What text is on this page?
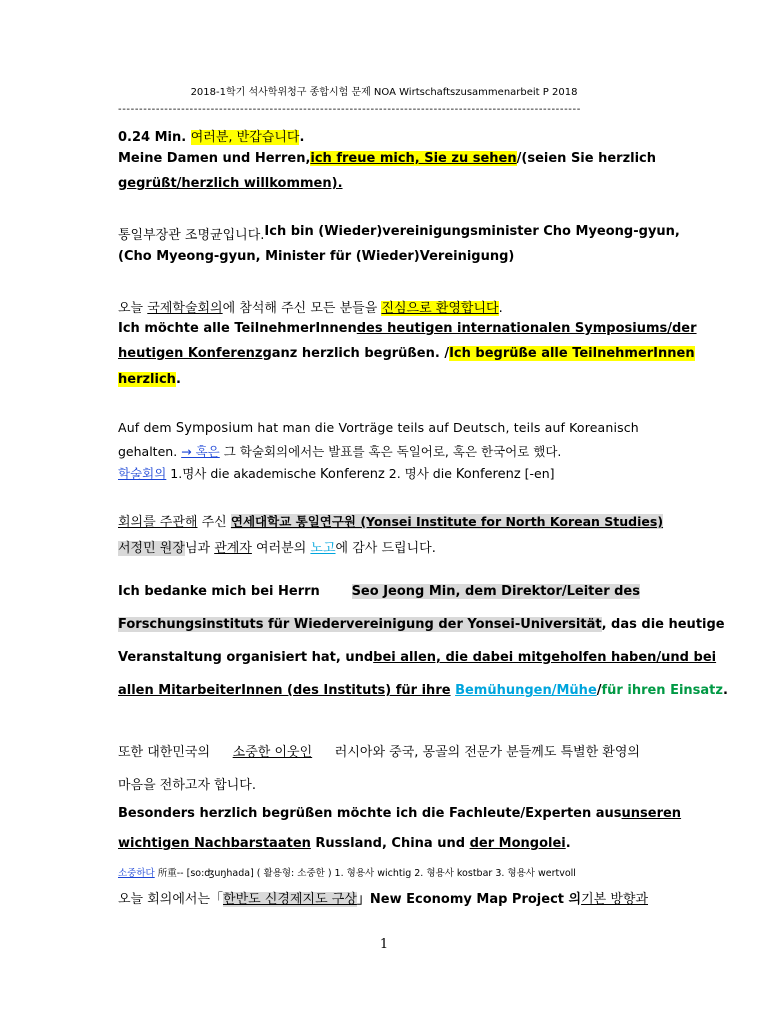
2018-1학기 석사학위청구 종합시험 문제 NOA Wirtschaftszusammenarbeit P 2018
--------------------------------------------------------------------------------------------------------------
0.24 Min. 여러분, 반갑습니다.
Meine Damen und Herren, ich freue mich, Sie zu sehen /(seien Sie herzlich
gegrüßt/herzlich willkommen).
통일부장관 조명균입니다. Ich bin (Wieder)vereinigungsminister Cho Myeong-gyun,
(Cho Myeong-gyun, Minister für (Wieder)Vereinigung)
오늘 국제학술회의에 참석해 주신 모든 분들을 진심으로 환영합니다.
Ich möchte alle TeilnehmerInnen des heutigen internationalen Symposiums/der
heutigen Konferenz ganz herzlich begrüßen. / Ich begrüße alle TeilnehmerInnen
herzlich.
Auf dem Symposium hat man die Vorträge teils auf Deutsch, teils auf Koreanisch
gehalten. → 혹은 그 학술회의에서는 발표를 혹은 독일어로, 혹은 한국어로 했다.
학술회의 1.명사 die akademische Konferenz 2. 명사 die Konferenz [-en]
회의를 주관해 주신 연세대학교 통일연구원 (Yonsei Institute for North Korean Studies)
서정민 원장님과 관계자 여러분의 노고에 감사 드립니다.
Ich bedanke mich bei Herrn Seo Jeong Min, dem Direktor/Leiter des
Forschungsinstituts für Wiedervereinigung der Yonsei-Universität, das die heutige
Veranstaltung organisiert hat, und bei allen, die dabei mitgeholfen haben/und bei
allen MitarbeiterInnen (des Instituts) für ihre Bemühungen/Mühe/für ihren Einsatz.
또한 대한민국의 소중한 이웃인 러시아와 중국, 몽골의 전문가 분들께도 특별한 환영의
마음을 전하고자 합니다.
Besonders herzlich begrüßen möchte ich die Fachleute/Experten aus unseren
wichtigen Nachbarstaaten Russland, China und der Mongolei.
소중하다 所重-- [so:ʤuŋhada] ( 활용형: 소중한 ) 1. 형용사 wichtig 2. 형용사 kostbar 3. 형용사 wertvoll
오늘 회의에서는「한반도 신경제지도 구상」New Economy Map Project 의 기본 방향과
1
